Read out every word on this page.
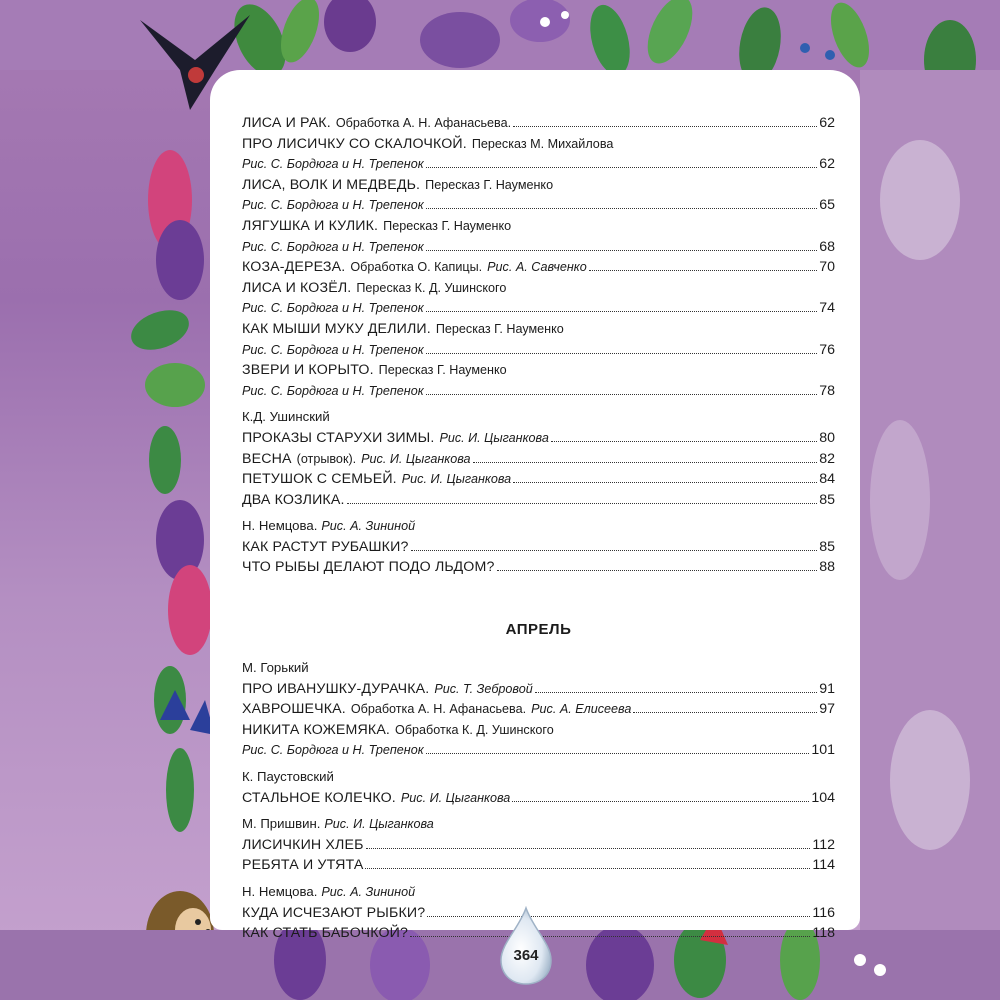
ЛИСА И РАК. Обработка А. Н. Афанасьева.	62
ПРО ЛИСИЧКУ СО СКАЛОЧКОЙ. Пересказ М. Михайлова
Рис. С. Бордюга и Н. Трепенок	62
ЛИСА, ВОЛК И МЕДВЕДЬ. Пересказ Г. Науменко
Рис. С. Бордюга и Н. Трепенок	65
ЛЯГУШКА И КУЛИК. Пересказ Г. Науменко
Рис. С. Бордюга и Н. Трепенок	68
КОЗА-ДЕРЕЗА. Обработка О. Капицы. Рис. А. Савченко	70
ЛИСА И КОЗЁЛ. Пересказ К. Д. Ушинского
Рис. С. Бордюга и Н. Трепенок	74
КАК МЫШИ МУКУ ДЕЛИЛИ. Пересказ Г. Науменко
Рис. С. Бордюга и Н. Трепенок	76
ЗВЕРИ И КОРЫТО. Пересказ Г. Науменко
Рис. С. Бордюга и Н. Трепенок	78
К.Д. Ушинский
ПРОКАЗЫ СТАРУХИ ЗИМЫ. Рис. И. Цыганкова	80
ВЕСНА (отрывок). Рис. И. Цыганкова	82
ПЕТУШОК С СЕМЬЕЙ. Рис. И. Цыганкова	84
ДВА КОЗЛИКА.	85
Н. Немцова. Рис. А. Зининой
КАК РАСТУТ РУБАШКИ?	85
ЧТО РЫБЫ ДЕЛАЮТ ПОДО ЛЬДОМ?	88
АПРЕЛЬ
М. Горький
ПРО ИВАНУШКУ-ДУРАЧКА. Рис. Т. Зебровой	91
ХАВРОШЕЧКА. Обработка А. Н. Афанасьева. Рис. А. Елисеева	97
НИКИТА КОЖЕМЯКА. Обработка К. Д. Ушинского
Рис. С. Бордюга и Н. Трепенок	101
К. Паустовский
СТАЛЬНОЕ КОЛЕЧКО. Рис. И. Цыганкова	104
М. Пришвин. Рис. И. Цыганкова
ЛИСИЧКИН ХЛЕБ	112
РЕБЯТА И УТЯТА	114
Н. Немцова. Рис. А. Зининой
КУДА ИСЧЕЗАЮТ РЫБКИ?	116
КАК СТАТЬ БАБОЧКОЙ?	118
364
